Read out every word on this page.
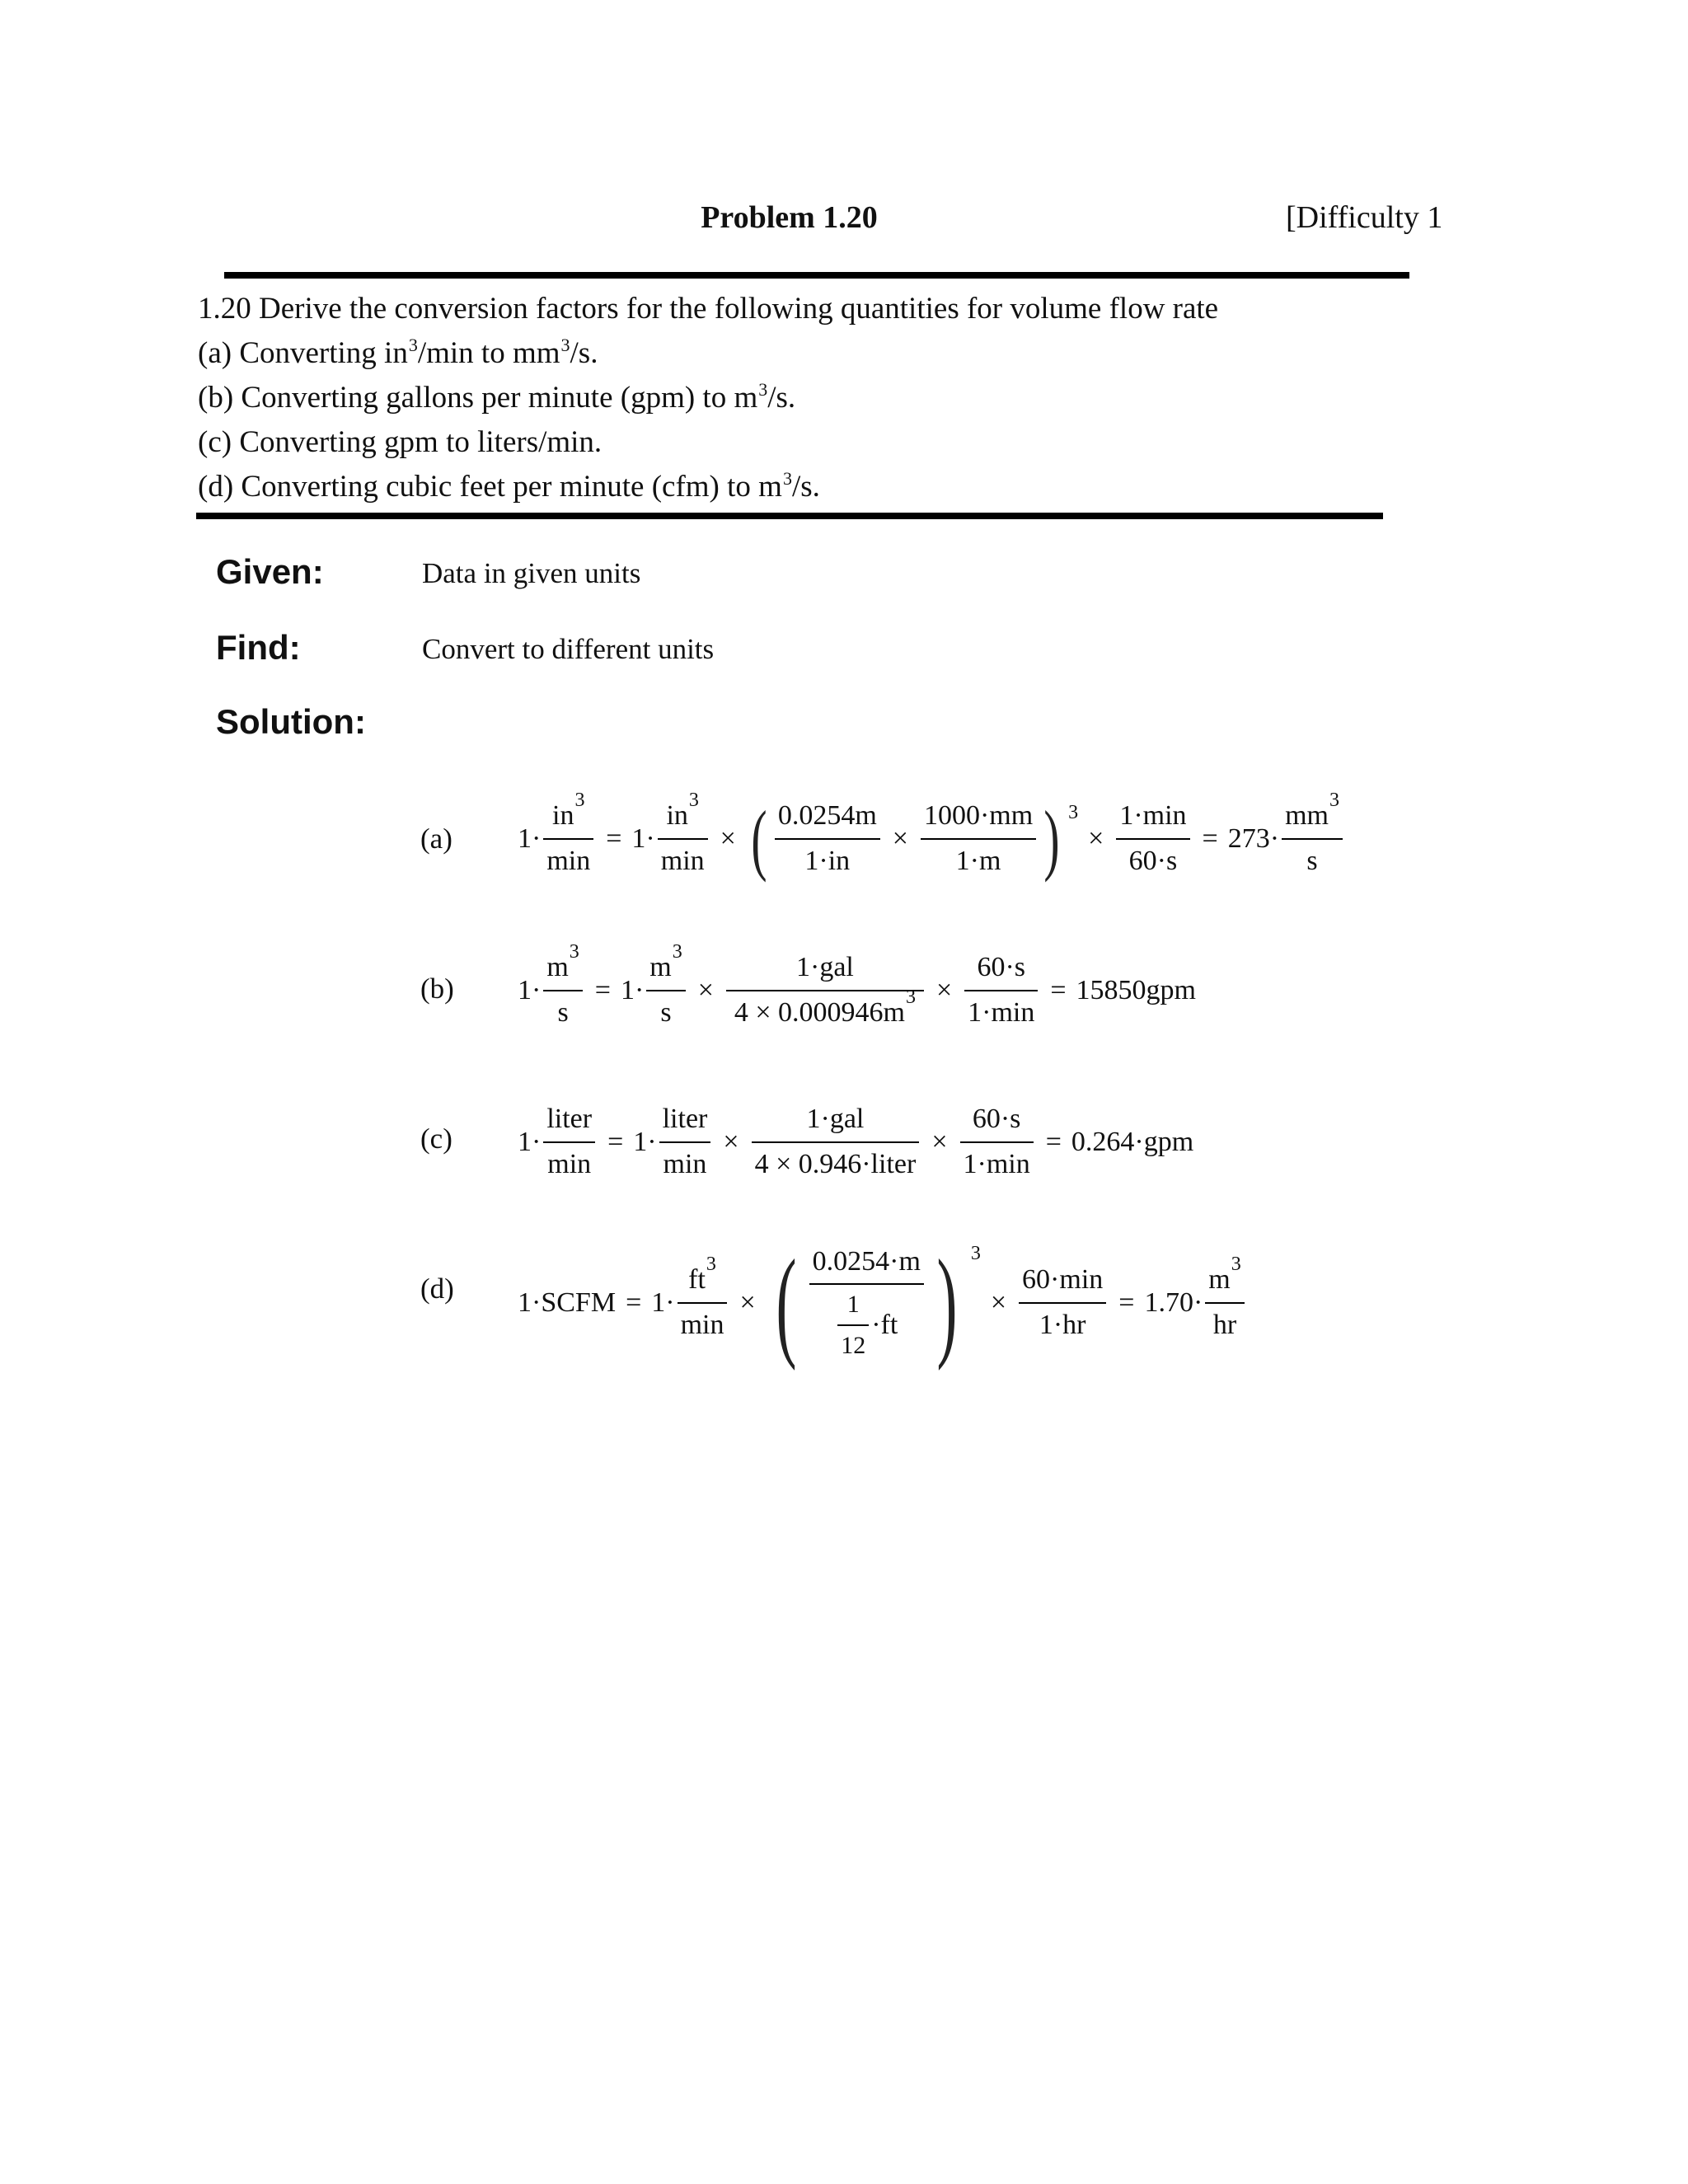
Problem 1.20	[Difficulty 1
1.20 Derive the conversion factors for the following quantities for volume flow rate
(a) Converting $in^3/\min$ to $mm^3/s$.
(b) Converting gallons per minute (gpm) to $m^3/s$.
(c) Converting gpm to liters/min.
(d) Converting cubic feet per minute (cfm) to $m^3/s$.
Given:	Data in given units
Find:	Convert to different units
Solution:
(a) $1\cdot \frac{in^3}{\min} = 1\cdot \frac{in^3}{\min}$ × ( $\frac{0.0254m}{1\cdot in} \times \frac{1000\cdot mm}{1\cdot m}$ ) 3
× $\frac{1\cdot\min}{60\cdot s} = 273\cdot \frac{mm^3}{s}$
(b) $1\cdot \frac{m^3}{s} = 1\cdot \frac{m^3}{s} \times \frac{\text{1·gal}}{4 \times 0.000946m^3} \times \frac{60\cdot s}{1\cdot\min} = 15850gpm$
(c) $1\cdot \frac{\text{liter}}{\min} = 1\cdot \frac{\text{liter}}{\min} \times \frac{\text{1·gal}}{\text{4 × 0.946·liter}} \times \frac{60\cdot s}{1\cdot\min} = 0.264\cdot gpm$
(d) 1·SCFM = $1\cdot \frac{ft^3}{\min}$ × ( $\frac{0.0254\cdot m}{\frac{1}{12} \cdot ft}$ ) 3
× $\frac{60\cdot\min}{1\cdot hr} = 1.70\cdot \frac{m^3}{hr}$
